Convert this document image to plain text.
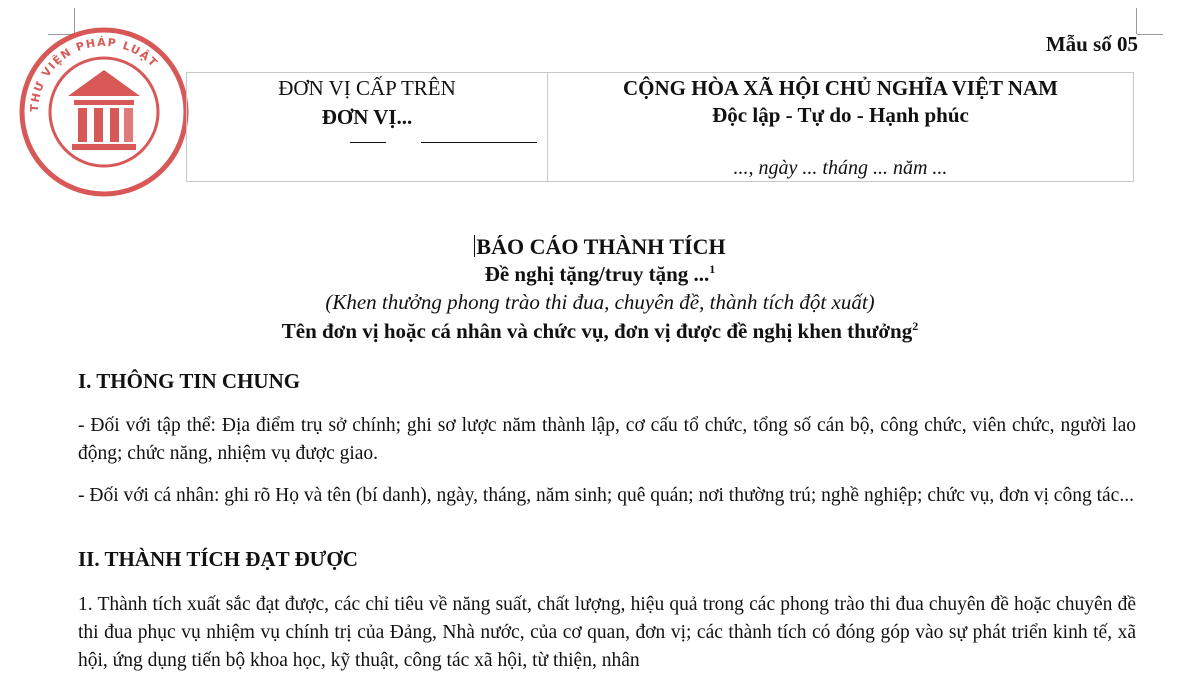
THƯ VIỆN PHÁP LUẬT
Mẫu số 05
ĐƠN VỊ CẤP TRÊN
ĐƠN VỊ...
CỘNG HÒA XÃ HỘI CHỦ NGHĨA VIỆT NAM
Độc lập - Tự do - Hạnh phúc
..., ngày ... tháng ... năm ...
BÁO CÁO THÀNH TÍCH
Đề nghị tặng/truy tặng ...$^1$
(Khen thưởng phong trào thi đua, chuyên đề, thành tích đột xuất)
Tên đơn vị hoặc cá nhân và chức vụ, đơn vị được đề nghị khen thưởng$^2$
I. THÔNG TIN CHUNG
- Đối với tập thể: Địa điểm trụ sở chính; ghi sơ lược năm thành lập, cơ cấu tổ chức, tổng số cán bộ, công chức, viên chức, người lao động; chức năng, nhiệm vụ được giao.
- Đối với cá nhân: ghi rõ Họ và tên (bí danh), ngày, tháng, năm sinh; quê quán; nơi thường trú; nghề nghiệp; chức vụ, đơn vị công tác...
II. THÀNH TÍCH ĐẠT ĐƯỢC
1. Thành tích xuất sắc đạt được, các chỉ tiêu về năng suất, chất lượng, hiệu quả trong các phong trào thi đua chuyên đề hoặc chuyên đề thi đua phục vụ nhiệm vụ chính trị của Đảng, Nhà nước, của cơ quan, đơn vị; các thành tích có đóng góp vào sự phát triển kinh tế, xã hội, ứng dụng tiến bộ khoa học, kỹ thuật, công tác xã hội, từ thiện, nhân
